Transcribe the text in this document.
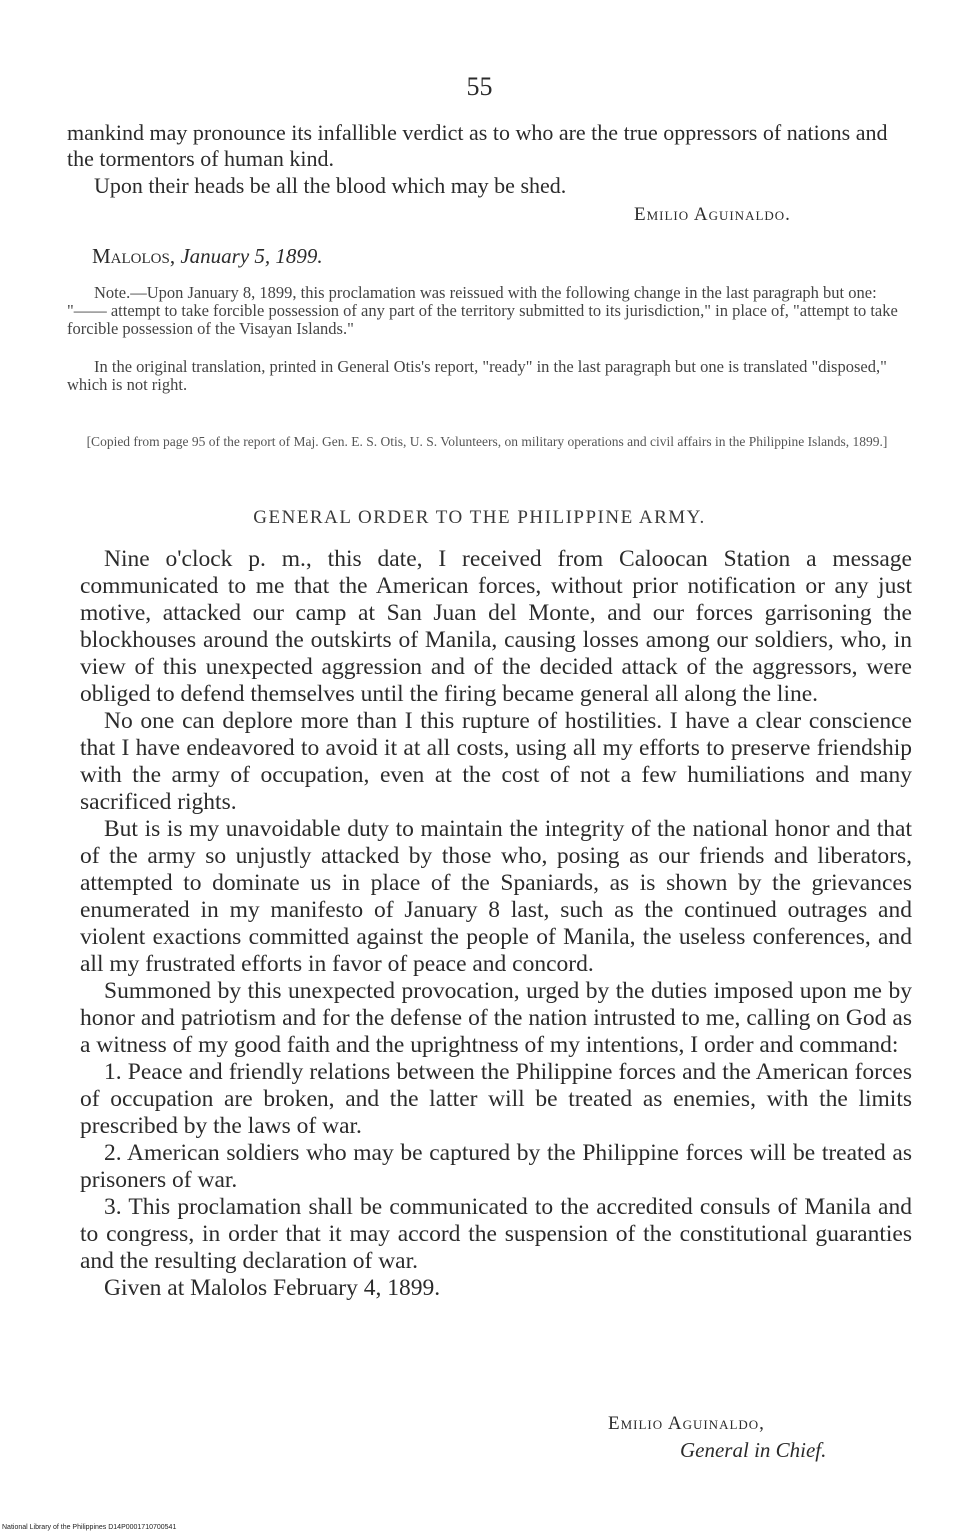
55
mankind may pronounce its infallible verdict as to who are the true oppressors of nations and the tormentors of human kind.
Upon their heads be all the blood which may be shed.
Emilio Aguinaldo.
Malolos, January 5, 1899.
Note.—Upon January 8, 1899, this proclamation was reissued with the following change in the last paragraph but one: "—— attempt to take forcible possession of any part of the territory submitted to its jurisdiction," in place of, "attempt to take forcible possession of the Visayan Islands."
In the original translation, printed in General Otis's report, "ready" in the last paragraph but one is translated "disposed," which is not right.
[Copied from page 95 of the report of Maj. Gen. E. S. Otis, U. S. Volunteers, on military operations and civil affairs in the Philippine Islands, 1899.]
GENERAL ORDER TO THE PHILIPPINE ARMY.

Nine o'clock p. m., this date, I received from Caloocan Station a message communicated to me that the American forces, without prior notification or any just motive, attacked our camp at San Juan del Monte, and our forces garrisoning the blockhouses around the outskirts of Manila, causing losses among our soldiers, who, in view of this unexpected aggression and of the decided attack of the aggressors, were obliged to defend themselves until the firing became general all along the line.

No one can deplore more than I this rupture of hostilities. I have a clear conscience that I have endeavored to avoid it at all costs, using all my efforts to preserve friendship with the army of occupation, even at the cost of not a few humiliations and many sacrificed rights.

But is is my unavoidable duty to maintain the integrity of the national honor and that of the army so unjustly attacked by those who, posing as our friends and liberators, attempted to dominate us in place of the Spaniards, as is shown by the grievances enumerated in my manifesto of January 8 last, such as the continued outrages and violent exactions committed against the people of Manila, the useless conferences, and all my frustrated efforts in favor of peace and concord.

Summoned by this unexpected provocation, urged by the duties imposed upon me by honor and patriotism and for the defense of the nation intrusted to me, calling on God as a witness of my good faith and the uprightness of my intentions, I order and command:

1. Peace and friendly relations between the Philippine forces and the American forces of occupation are broken, and the latter will be treated as enemies, with the limits prescribed by the laws of war.

2. American soldiers who may be captured by the Philippine forces will be treated as prisoners of war.

3. This proclamation shall be communicated to the accredited consuls of Manila and to congress, in order that it may accord the suspension of the constitutional guaranties and the resulting declaration of war.

Given at Malolos February 4, 1899.

Emilio Aguinaldo,
General in Chief.
National Library of the Philippines D14P0001710700541
